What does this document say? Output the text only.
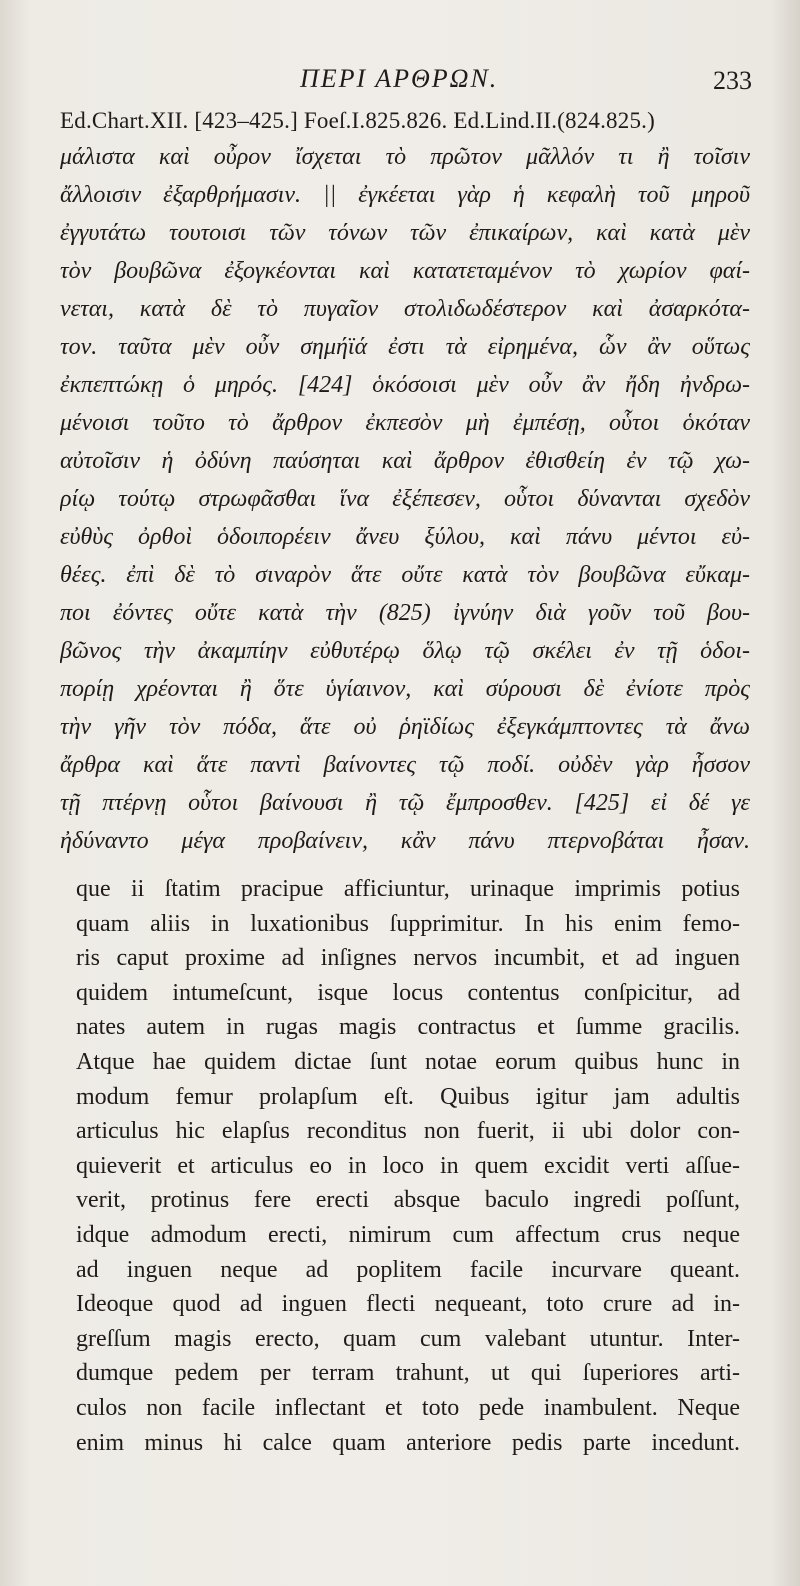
ΠΕΡΙ ΑΡΘΡΩΝ.	233
Ed.Chart.XII. [423–425.] Foeſ.I.825.826. Ed.Lind.II.(824.825.)
μάλιστα καὶ οὖρον ἴσχεται τὸ πρῶτον μᾶλλόν τι ἢ τοῖσιν
ἄλλοισιν ἐξαρθρήμασιν. || ἐγκέεται γὰρ ἡ κεφαλὴ τοῦ μηροῦ
ἐγγυτάτω τουτοισι τῶν τόνων τῶν ἐπικαίρων, καὶ κατὰ μὲν
τὸν βουβῶνα ἐξογκέονται καὶ κατατεταμένον τὸ χωρίον φαί-
νεται, κατὰ δὲ τὸ πυγαῖον στολιδωδέστερον καὶ ἀσαρκότα-
τον. ταῦτα μὲν οὖν σημήϊά ἐστι τὰ εἰρημένα, ὧν ἂν οὕτως
ἐκπεπτώκῃ ὁ μηρός. [424] ὁκόσοισι μὲν οὖν ἂν ἤδη ἠνδρω-
μένοισι τοῦτο τὸ ἄρθρον ἐκπεσὸν μὴ ἐμπέσῃ, οὗτοι ὁκόταν
αὐτοῖσιν ἡ ὀδύνη παύσηται καὶ ἄρθρον ἐθισθείη ἐν τῷ χω-
ρίῳ τούτῳ στρωφᾶσθαι ἵνα ἐξέπεσεν, οὗτοι δύνανται σχεδὸν
εὐθὺς ὀρθοὶ ὁδοιπορέειν ἄνευ ξύλου, καὶ πάνυ μέντοι εὐ-
θέες. ἐπὶ δὲ τὸ σιναρὸν ἅτε οὔτε κατὰ τὸν βουβῶνα εὔκαμ-
ποι ἐόντες οὔτε κατὰ τὴν (825) ἰγνύην διὰ γοῦν τοῦ βου-
βῶνος τὴν ἀκαμπίην εὐθυτέρῳ ὅλῳ τῷ σκέλει ἐν τῇ ὁδοι-
πορίῃ χρέονται ἢ ὅτε ὑγίαινον, καὶ σύρουσι δὲ ἐνίοτε πρὸς
τὴν γῆν τὸν πόδα, ἅτε οὐ ῥηϊδίως ἐξεγκάμπτοντες τὰ ἄνω
ἄρθρα καὶ ἅτε παντὶ βαίνοντες τῷ ποδί. οὐδὲν γὰρ ἧσσον
τῇ πτέρνῃ οὗτοι βαίνουσι ἢ τῷ ἔμπροσθεν. [425] εἰ δέ γε
ἠδύναντο μέγα προβαίνειν, κἂν πάνυ πτερνοβάται ἦσαν.
que ii ſtatim pracipue afficiuntur, urinaque imprimis potius
quam aliis in luxationibus ſupprimitur. In his enim femo-
ris caput proxime ad inſignes nervos incumbit, et ad inguen
quidem intumeſcunt, isque locus contentus conſpicitur, ad
nates autem in rugas magis contractus et ſumme gracilis.
Atque hae quidem dictae ſunt notae eorum quibus hunc in
modum femur prolapſum eſt. Quibus igitur jam adultis
articulus hic elapſus reconditus non fuerit, ii ubi dolor con-
quieverit et articulus eo in loco in quem excidit verti aſſue-
verit, protinus fere erecti absque baculo ingredi poſſunt,
idque admodum erecti, nimirum cum affectum crus neque
ad inguen neque ad poplitem facile incurvare queant.
Ideoque quod ad inguen flecti nequeant, toto crure ad in-
greſſum magis erecto, quam cum valebant utuntur. Inter-
dumque pedem per terram trahunt, ut qui ſuperiores arti-
culos non facile inflectant et toto pede inambulent. Neque
enim minus hi calce quam anteriore pedis parte incedunt.
